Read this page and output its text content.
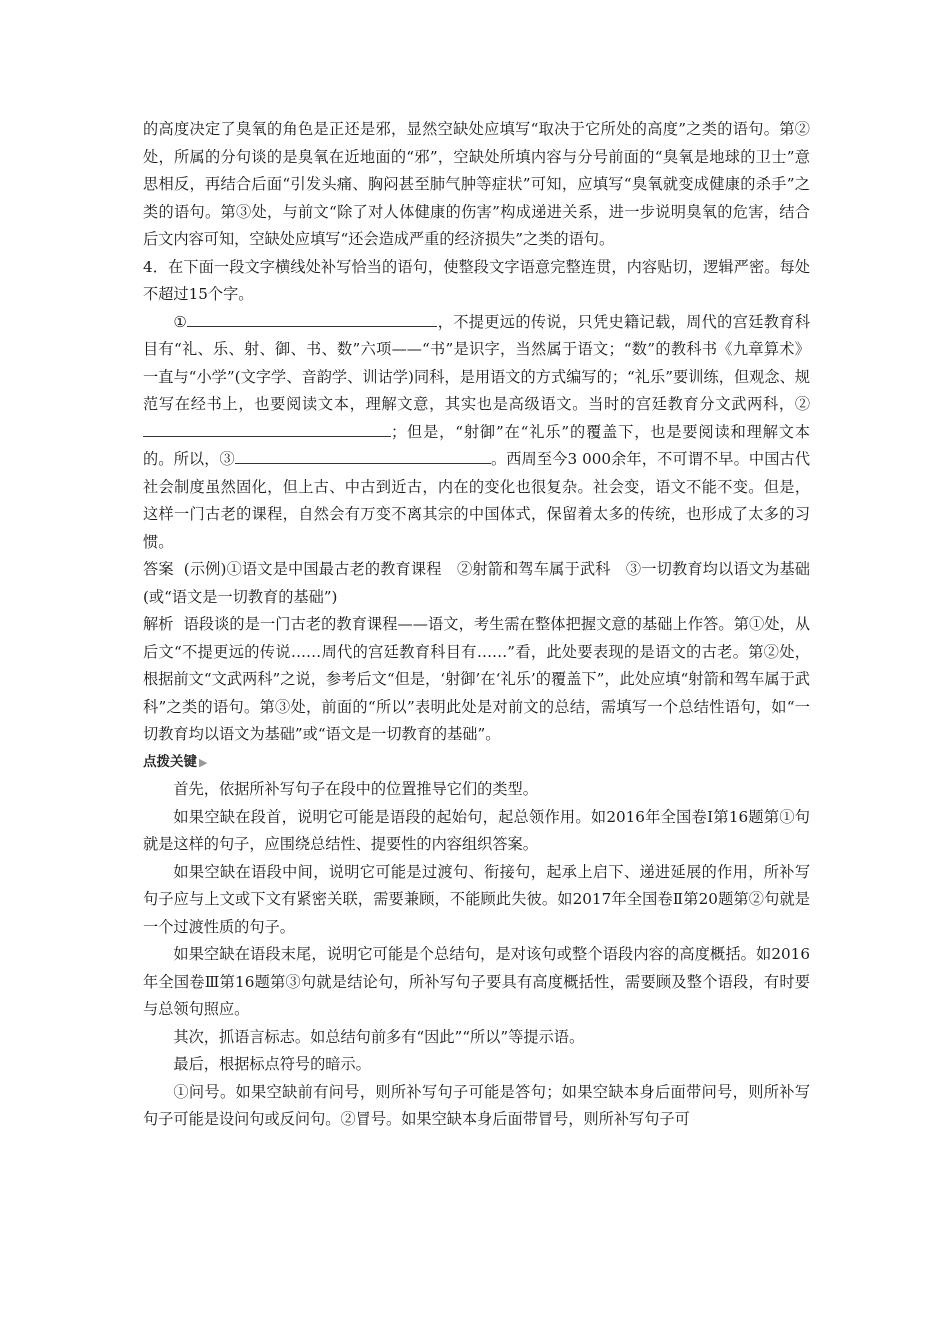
的高度决定了臭氧的角色是正还是邪，显然空缺处应填写“取决于它所处的高度”之类的语句。第②处，所属的分句谈的是臭氧在近地面的“邪”，空缺处所填内容与分号前面的“臭氧是地球的卫士”意思相反，再结合后面“引发头痛、胸闷甚至肺气肿等症状”可知，应填写“臭氧就变成健康的杀手”之类的语句。第③处，与前文“除了对人体健康的伤害”构成递进关系，进一步说明臭氧的危害，结合后文内容可知，空缺处应填写“还会造成严重的经济损失”之类的语句。

4．在下面一段文字横线处补写恰当的语句，使整段文字语意完整连贯，内容贴切，逻辑严密。每处不超过15个字。

①	，不提更远的传说，只凭史籍记载，周代的宫廷教育科目有“礼、乐、射、御、书、数”六项——“书”是识字，当然属于语文；“数”的教科书《九章算术》一直与“小学”(文字学、音韵学、训诂学)同科，是用语文的方式编写的；“礼乐”要训练，但观念、规范写在经书上，也要阅读文本，理解文意，其实也是高级语文。当时的宫廷教育分文武两科，②；但是，“射御”在“礼乐”的覆盖下，也是要阅读和理解文本的。所以，③	。西周至今3 000余年，不可谓不早。中国古代社会制度虽然固化，但上古、中古到近古，内在的变化也很复杂。社会变，语文不能不变。但是，这样一门古老的课程，自然会有万变不离其宗的中国体式，保留着太多的传统，也形成了太多的习惯。

答案 (示例)①语文是中国最古老的教育课程　②射箭和驾车属于武科　③一切教育均以语文为基础(或“语文是一切教育的基础”)

解析 语段谈的是一门古老的教育课程——语文，考生需在整体把握文意的基础上作答。第①处，从后文“不提更远的传说……周代的宫廷教育科目有……”看，此处要表现的是语文的古老。第②处，根据前文“文武两科”之说，参考后文“但是，‘射御’在‘礼乐’的覆盖下”，此处应填“射箭和驾车属于武科”之类的语句。第③处，前面的“所以”表明此处是对前文的总结，需填写一个总结性语句，如“一切教育均以语文为基础”或“语文是一切教育的基础”。

点拨关键 ▶

首先，依据所补写句子在段中的位置推导它们的类型。

如果空缺在段首，说明它可能是语段的起始句，起总领作用。如2016年全国卷Ⅰ第16题第①句就是这样的句子，应围绕总结性、提要性的内容组织答案。

如果空缺在语段中间，说明它可能是过渡句、衔接句，起承上启下、递进延展的作用，所补写句子应与上文或下文有紧密关联，需要兼顾，不能顾此失彼。如2017年全国卷Ⅱ第20题第②句就是一个过渡性质的句子。

如果空缺在语段末尾，说明它可能是个总结句，是对该句或整个语段内容的高度概括。如2016年全国卷Ⅲ第16题第③句就是结论句，所补写句子要具有高度概括性，需要顾及整个语段，有时要与总领句照应。

其次，抓语言标志。如总结句前多有“因此”“所以”等提示语。

最后，根据标点符号的暗示。

①问号。如果空缺前有问号，则所补写句子可能是答句；如果空缺本身后面带问号，则所补写句子可能是设问句或反问句。②冒号。如果空缺本身后面带冒号，则所补写句子可
